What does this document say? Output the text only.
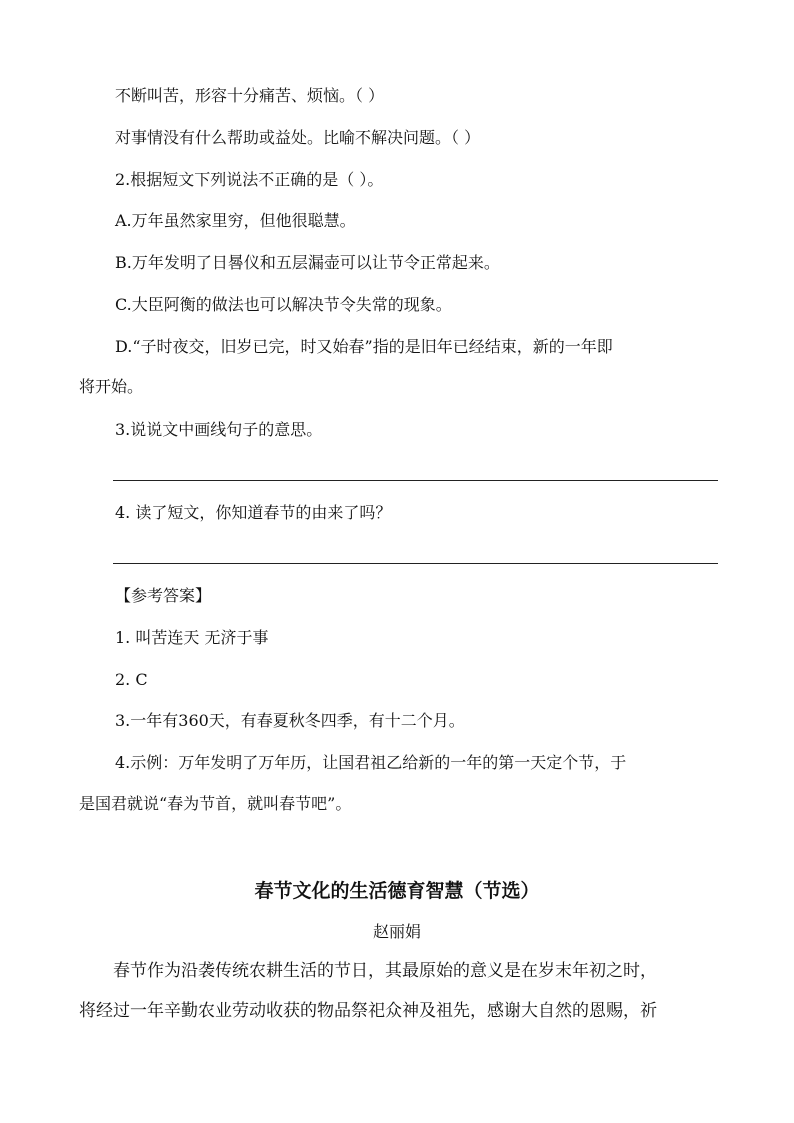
不断叫苦，形容十分痛苦、烦恼。（ ）
对事情没有什么帮助或益处。比喻不解决问题。（ ）
2.根据短文下列说法不正确的是（ ）。
A.万年虽然家里穷，但他很聪慧。
B.万年发明了日晷仪和五层漏壶可以让节令正常起来。
C.大臣阿衡的做法也可以解决节令失常的现象。
D.“子时夜交，旧岁已完，时又始春”指的是旧年已经结束，新的一年即
将开始。
3.说说文中画线句子的意思。
4. 读了短文，你知道春节的由来了吗？
【参考答案】
1. 叫苦连天 无济于事
2. C
3.一年有360天，有春夏秋冬四季，有十二个月。
4.示例：万年发明了万年历，让国君祖乙给新的一年的第一天定个节，于
是国君就说“春为节首，就叫春节吧”。
春节文化的生活德育智慧（节选）
赵丽娟
春节作为沿袭传统农耕生活的节日，其最原始的意义是在岁末年初之时，
将经过一年辛勤农业劳动收获的物品祭祀众神及祖先，感谢大自然的恩赐，祈
